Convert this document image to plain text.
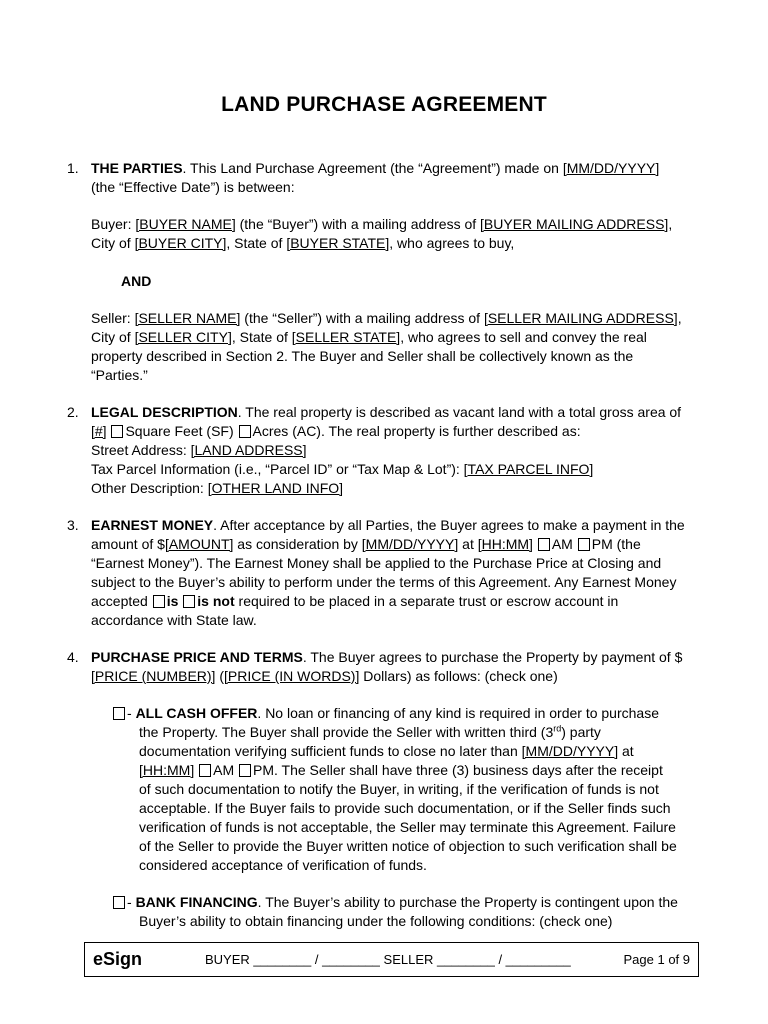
LAND PURCHASE AGREEMENT
1. THE PARTIES. This Land Purchase Agreement (the “Agreement”) made on [MM/DD/YYYY]
(the “Effective Date”) is between:
Buyer: [BUYER NAME] (the “Buyer”) with a mailing address of [BUYER MAILING ADDRESS],
City of [BUYER CITY], State of [BUYER STATE], who agrees to buy,
AND
Seller: [SELLER NAME] (the “Seller”) with a mailing address of [SELLER MAILING ADDRESS],
City of [SELLER CITY], State of [SELLER STATE], who agrees to sell and convey the real
property described in Section 2. The Buyer and Seller shall be collectively known as the
“Parties.”
2. LEGAL DESCRIPTION. The real property is described as vacant land with a total gross area of
[#] Square Feet (SF) Acres (AC). The real property is further described as:
Street Address: [LAND ADDRESS]
Tax Parcel Information (i.e., “Parcel ID” or “Tax Map & Lot”): [TAX PARCEL INFO]
Other Description: [OTHER LAND INFO]
3. EARNEST MONEY. After acceptance by all Parties, the Buyer agrees to make a payment in the
amount of $[AMOUNT] as consideration by [MM/DD/YYYY] at [HH:MM] AM PM (the
“Earnest Money”). The Earnest Money shall be applied to the Purchase Price at Closing and
subject to the Buyer’s ability to perform under the terms of this Agreement. Any Earnest Money
accepted is is not required to be placed in a separate trust or escrow account in
accordance with State law.
4. PURCHASE PRICE AND TERMS. The Buyer agrees to purchase the Property by payment of $
[PRICE (NUMBER)] ([PRICE (IN WORDS)] Dollars) as follows: (check one)
- ALL CASH OFFER. No loan or financing of any kind is required in order to purchase
the Property. The Buyer shall provide the Seller with written third (3rd) party
documentation verifying sufficient funds to close no later than [MM/DD/YYYY] at
[HH:MM] AM PM. The Seller shall have three (3) business days after the receipt
of such documentation to notify the Buyer, in writing, if the verification of funds is not
acceptable. If the Buyer fails to provide such documentation, or if the Seller finds such
verification of funds is not acceptable, the Seller may terminate this Agreement. Failure
of the Seller to provide the Buyer written notice of objection to such verification shall be
considered acceptance of verification of funds.
- BANK FINANCING. The Buyer’s ability to purchase the Property is contingent upon the
Buyer’s ability to obtain financing under the following conditions: (check one)
eSign	BUYER ________ / ________ SELLER ________ / _________	Page 1 of 9
